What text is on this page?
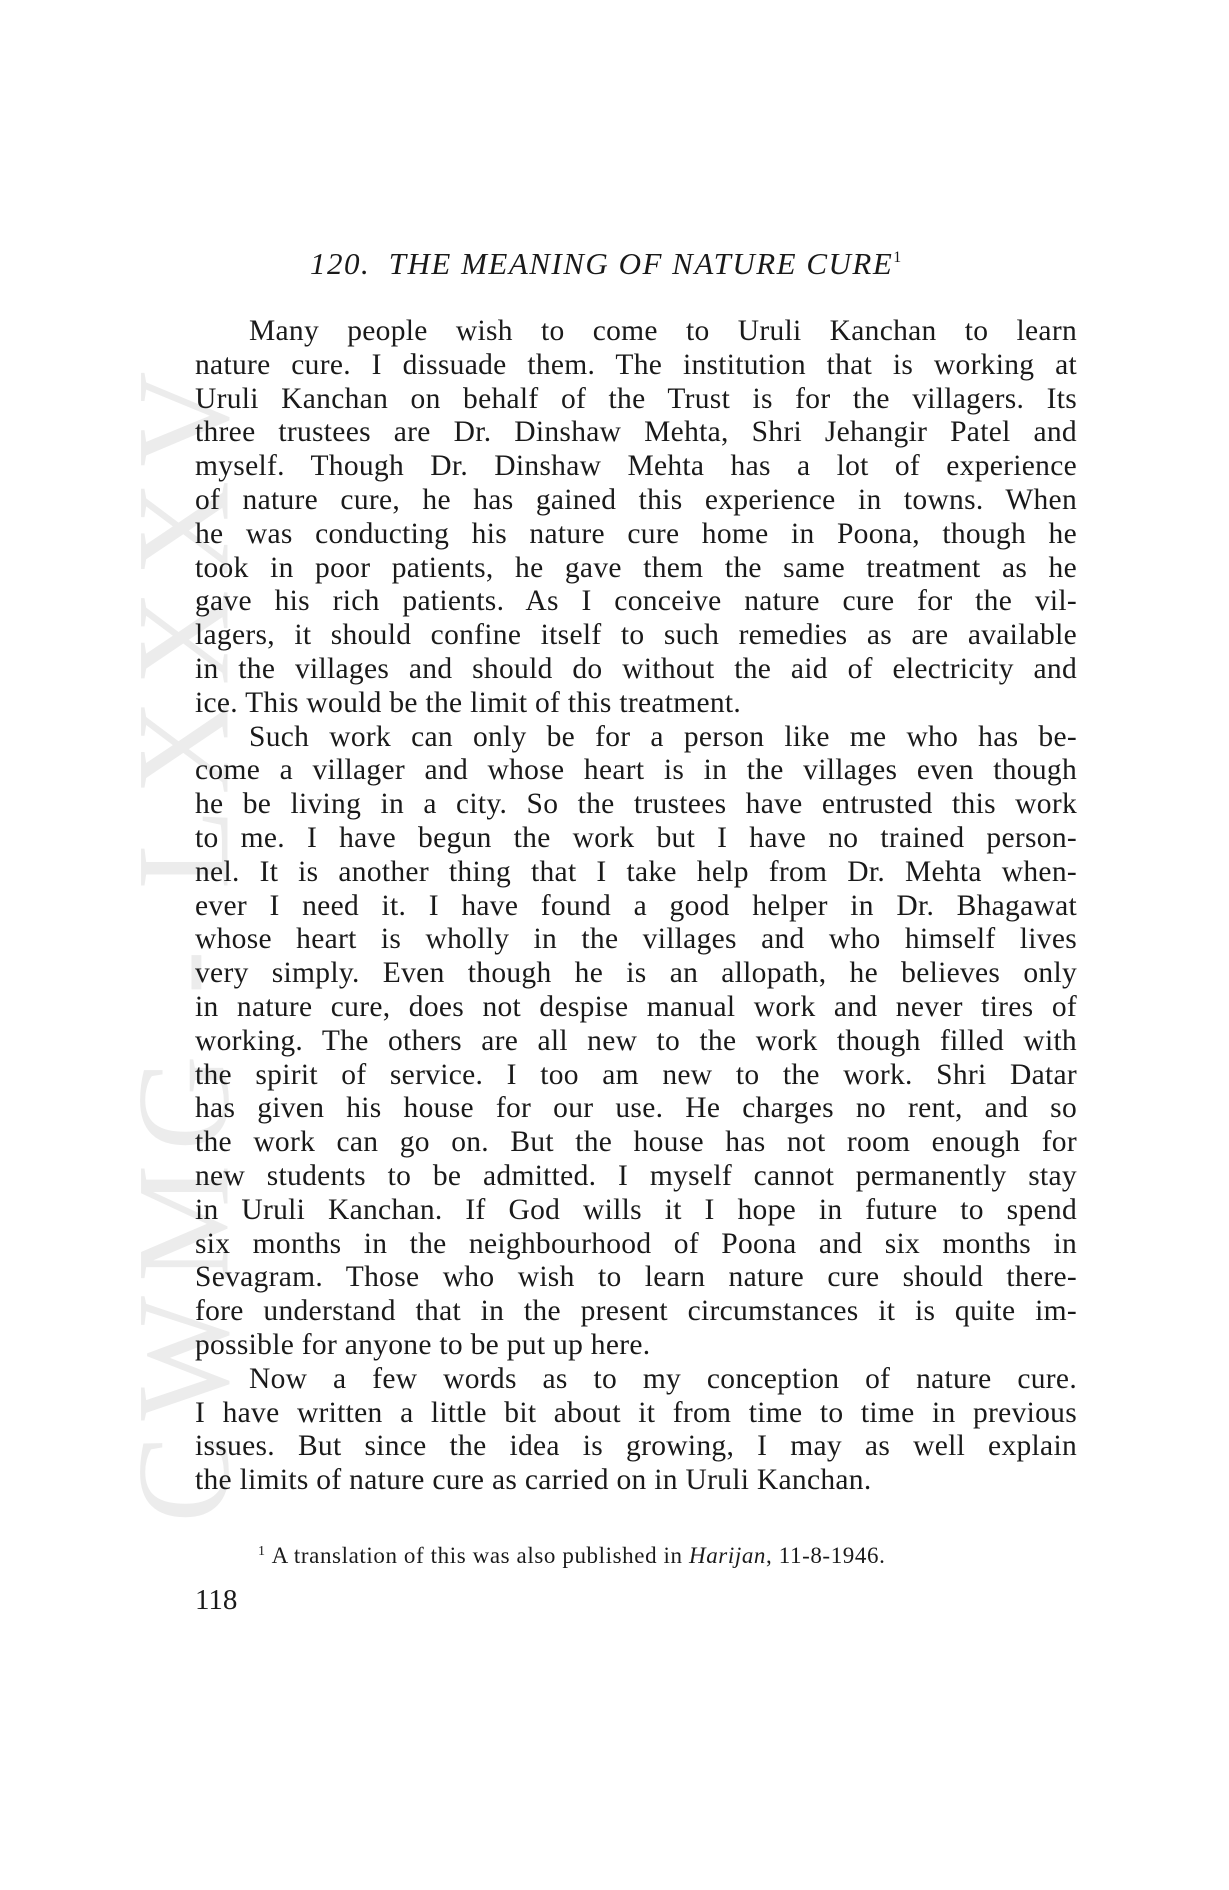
CWMG - LXXXV
120. THE MEANING OF NATURE CURE$^1$

Many people wish to come to Uruli Kanchan to learn
nature cure. I dissuade them. The institution that is working at
Uruli Kanchan on behalf of the Trust is for the villagers. Its
three trustees are Dr. Dinshaw Mehta, Shri Jehangir Patel and
myself. Though Dr. Dinshaw Mehta has a lot of experience
of nature cure, he has gained this experience in towns. When
he was conducting his nature cure home in Poona, though he
took in poor patients, he gave them the same treatment as he
gave his rich patients. As I conceive nature cure for the vil-
lagers, it should confine itself to such remedies as are available
in the villages and should do without the aid of electricity and
ice. This would be the limit of this treatment.

Such work can only be for a person like me who has be-
come a villager and whose heart is in the villages even though
he be living in a city. So the trustees have entrusted this work
to me. I have begun the work but I have no trained person-
nel. It is another thing that I take help from Dr. Mehta when-
ever I need it. I have found a good helper in Dr. Bhagawat
whose heart is wholly in the villages and who himself lives
very simply. Even though he is an allopath, he believes only
in nature cure, does not despise manual work and never tires of
working. The others are all new to the work though filled with
the spirit of service. I too am new to the work. Shri Datar
has given his house for our use. He charges no rent, and so
the work can go on. But the house has not room enough for
new students to be admitted. I myself cannot permanently stay
in Uruli Kanchan. If God wills it I hope in future to spend
six months in the neighbourhood of Poona and six months in
Sevagram. Those who wish to learn nature cure should there-
fore understand that in the present circumstances it is quite im-
possible for anyone to be put up here.

Now a few words as to my conception of nature cure.
I have written a little bit about it from time to time in previous
issues. But since the idea is growing, I may as well explain
the limits of nature cure as carried on in Uruli Kanchan.

$^1$ A translation of this was also published in Harijan, 11-8-1946.
118
